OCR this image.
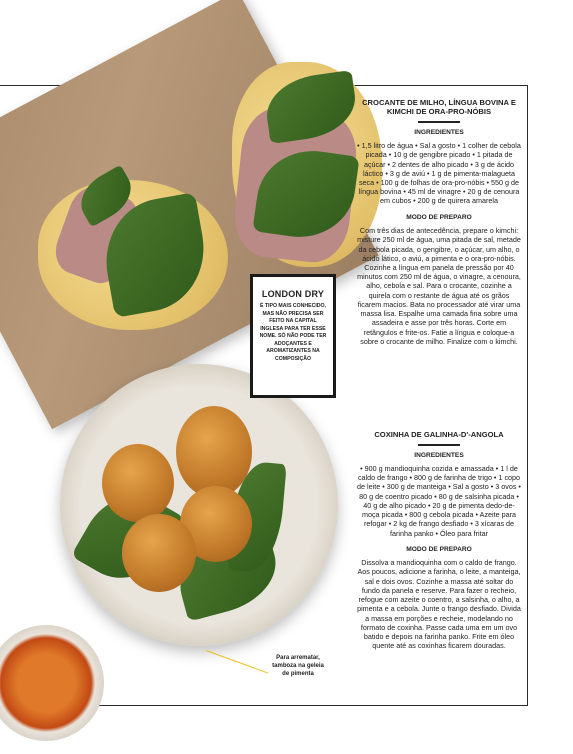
LONDON DRY

É TIPO MAIS CONHECIDO, MAS NÃO PRECISA SER FEITO NA CAPITAL INGLESA PARA TER ESSE NOME. SÓ NÃO PODE TER ADOÇANTES E AROMATIZANTES NA COMPOSIÇÃO

CROCANTE DE MILHO, LÍNGUA BOVINA E KIMCHI DE ORA-PRO-NÓBIS
INGREDIENTES

• 1,5 litro de água • Sal a gosto • 1 colher de cebola picada • 10 g de gengibre picado • 1 pitada de açúcar • 2 dentes de alho picado • 3 g de ácido láctico • 3 g de aviú • 1 g de pimenta-malagueta seca • 100 g de folhas de ora-pro-nóbis • 550 g de língua bovina • 45 ml de vinagre • 20 g de cenoura em cubos • 200 g de quirera amarela

MODO DE PREPARO

Com três dias de antecedência, prepare o kimchi: misture 250 ml de água, uma pitada de sal, metade da cebola picada, o gengibre, o açúcar, um alho, o ácido lático, o aviú, a pimenta e o ora-pro-nóbis. Cozinhe a língua em panela de pressão por 40 minutos com 250 ml de água, o vinagre, a cenoura, alho, cebola e sal. Para o crocante, cozinhe a quirela com o restante de água até os grãos ficarem macios. Bata no processador até virar uma massa lisa. Espalhe uma camada fina sobre uma assadeira e asse por três horas. Corte em retângulos e frite-os. Fatie a língua e coloque-a sobre o crocante de milho. Finalize com o kimchi.

COXINHA DE GALINHA-D'-ANGOLA
INGREDIENTES

• 900 g mandioquinha cozida e amassada • 1 l de caldo de frango • 800 g de farinha de trigo • 1 copo de leite • 300 g de manteiga • Sal a gosto • 3 ovos • 80 g de coentro picado • 80 g de salsinha picada • 40 g de alho picado • 20 g de pimenta dedo-de-moça picada • 800 g cebola picada • Azeite para refogar • 2 kg de frango desfiado • 3 xícaras de farinha panko • Óleo para fritar

MODO DE PREPARO

Dissolva a mandioquinha com o caldo de frango. Aos poucos, adicione a farinha, o leite, a manteiga, sal e dois ovos. Cozinhe a massa até soltar do fundo da panela e reserve. Para fazer o recheio, refogue com azeite o coentro, a salsinha, o alho, a pimenta e a cebola. Junte o frango desfiado. Divida a massa em porções e recheie, modelando no formato de coxinha. Passe cada uma em um ovo batido e depois na farinha panko. Frite em óleo quente até as coxinhas ficarem douradas.

Para arrematar, tamboza na geleia de pimenta
